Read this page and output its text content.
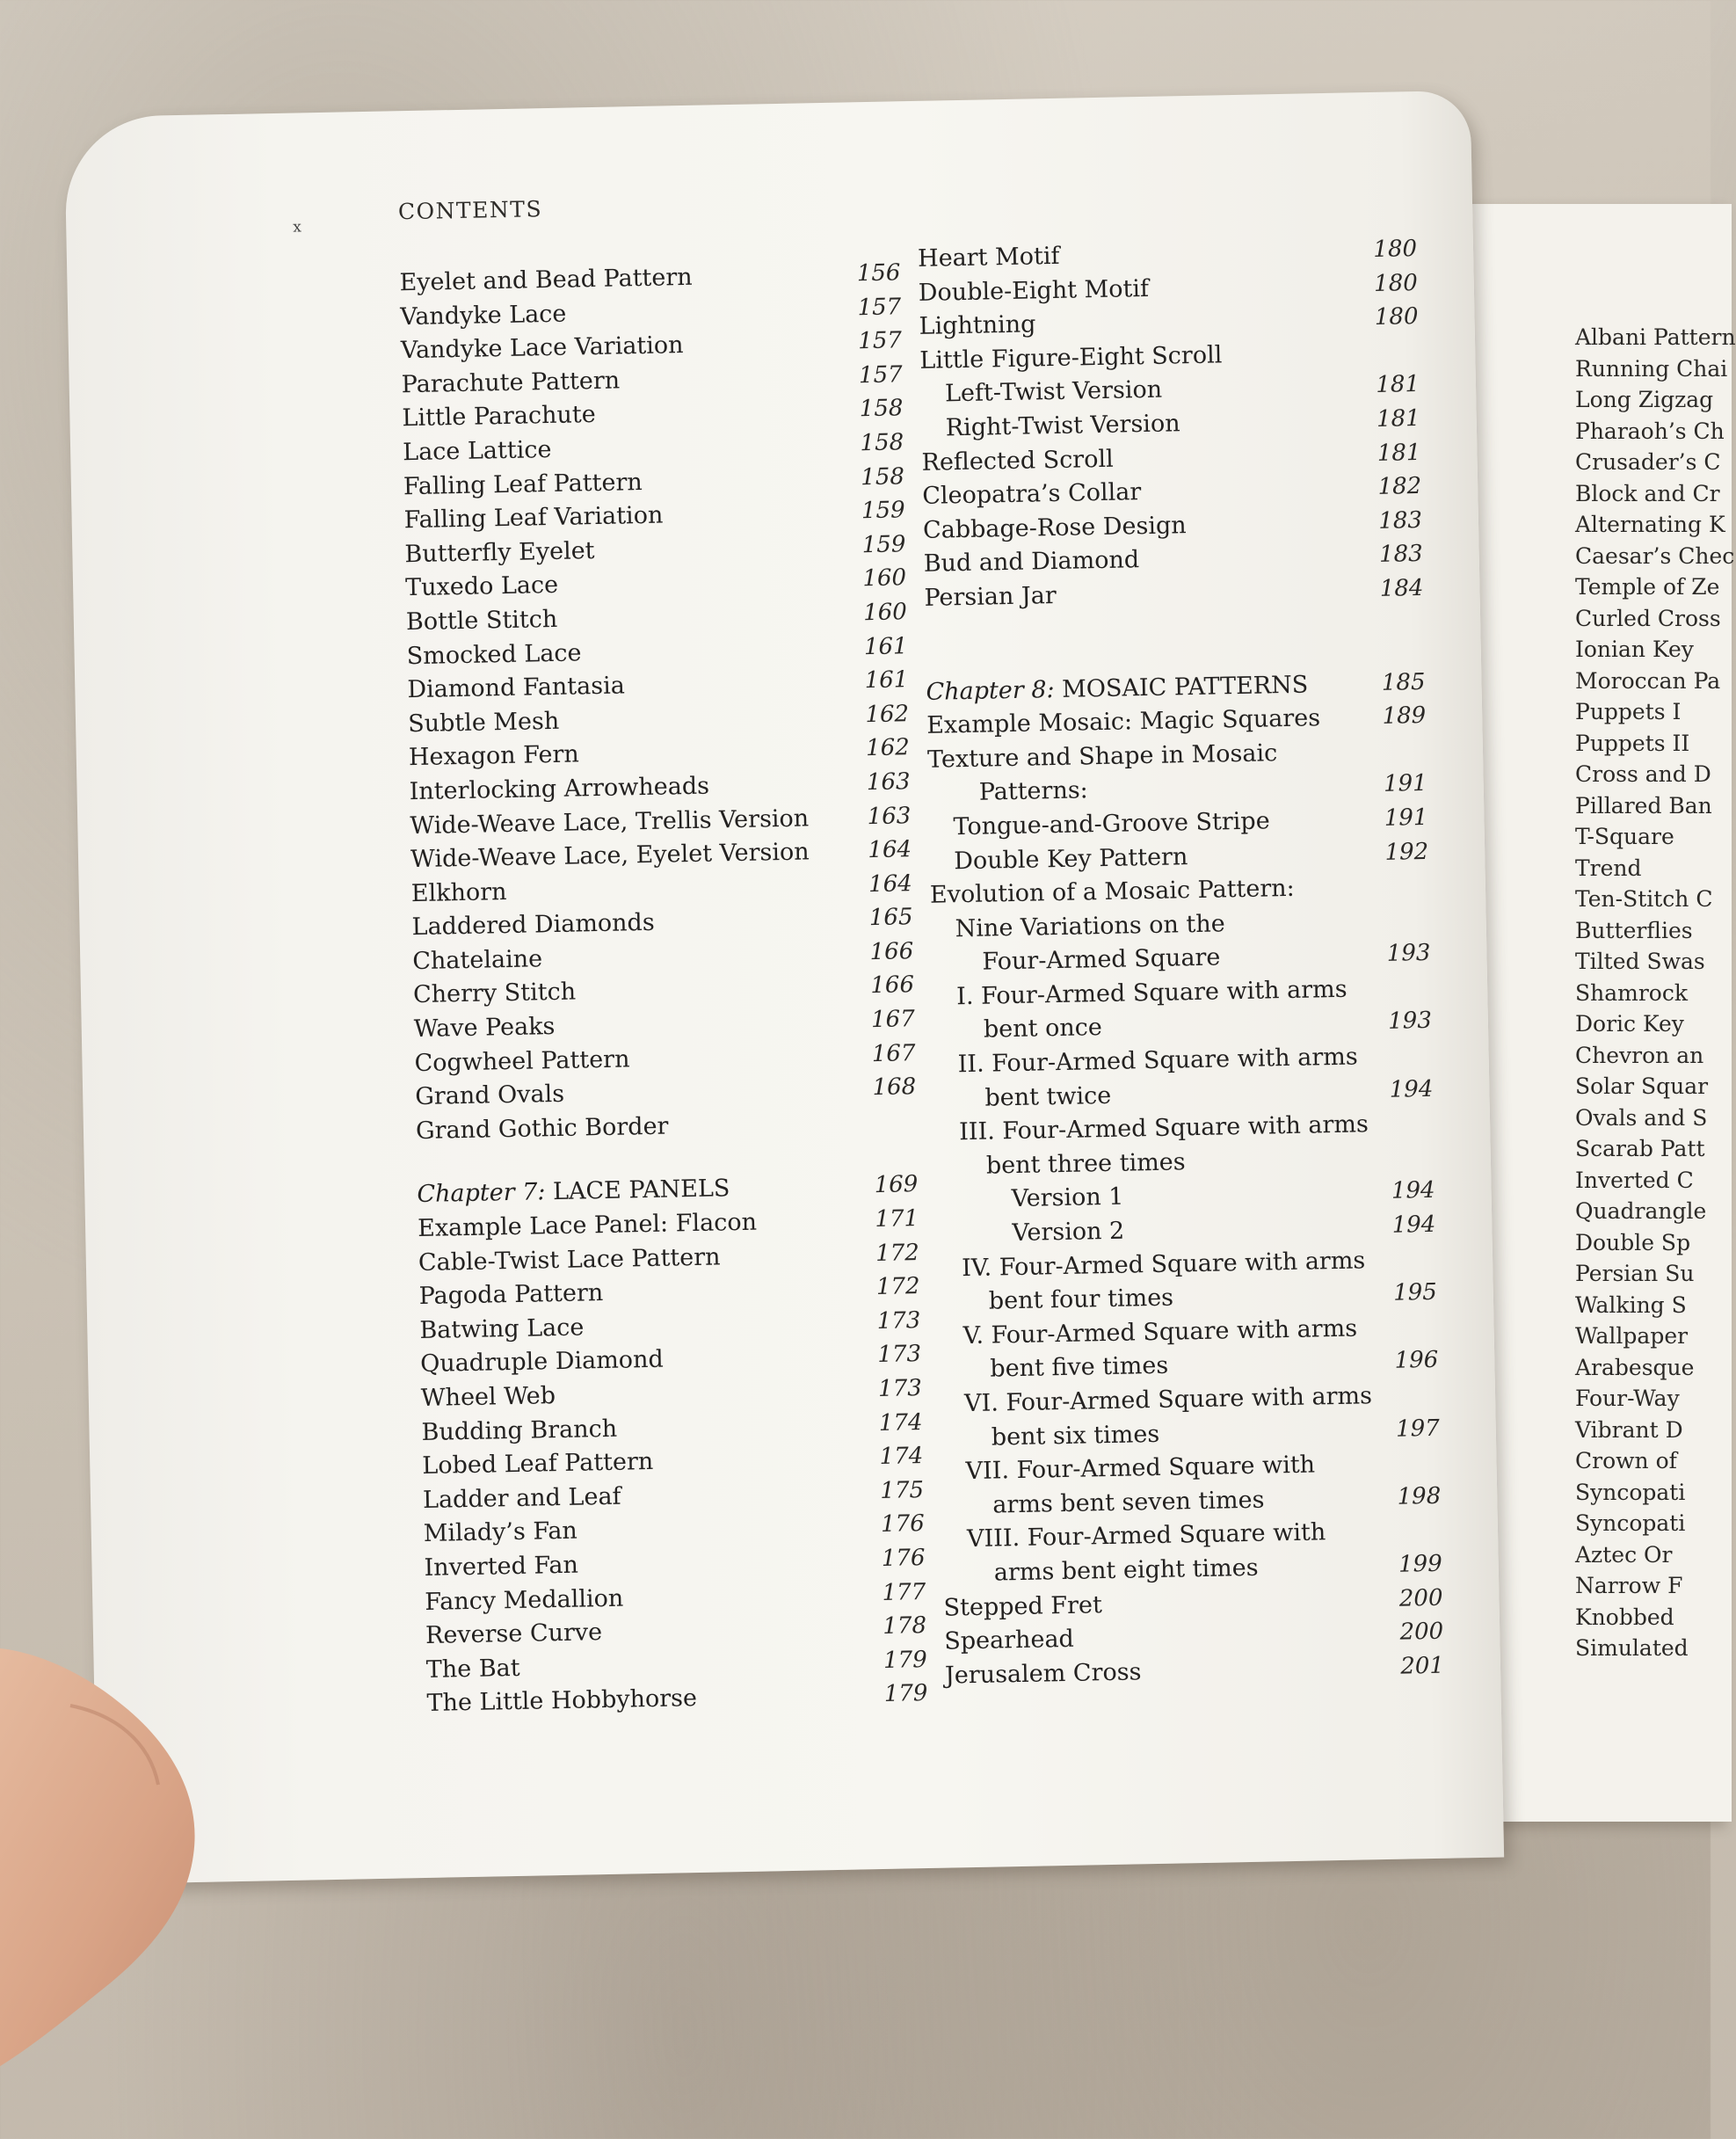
Albani Pattern
Running Chai
Long Zigzag
Pharaoh’s Ch
Crusader’s C
Block and Cr
Alternating K
Caesar’s Chec
Temple of Ze
Curled Cross
Ionian Key
Moroccan Pa
Puppets I
Puppets II
Cross and D
Pillared Ban
T-Square
Trend
Ten-Stitch C
Butterflies
Tilted Swas
Shamrock
Doric Key
Chevron an
Solar Squar
Ovals and S
Scarab Patt
Inverted C
Quadrangle
Double Sp
Persian Su
Walking S
Wallpaper
Arabesque
Four-Way
Vibrant D
Crown of
Syncopati
Syncopati
Aztec Or
Narrow F
Knobbed
Simulated
x
CONTENTS
Eyelet and Bead Pattern	156
Vandyke Lace	157
Vandyke Lace Variation	157
Parachute Pattern	157
Little Parachute	158
Lace Lattice	158
Falling Leaf Pattern	158
Falling Leaf Variation	159
Butterfly Eyelet	159
Tuxedo Lace	160
Bottle Stitch	160
Smocked Lace	161
Diamond Fantasia	161
Subtle Mesh	162
Hexagon Fern	162
Interlocking Arrowheads	163
Wide-Weave Lace, Trellis Version	163
Wide-Weave Lace, Eyelet Version	164
Elkhorn	164
Laddered Diamonds	165
Chatelaine	166
Cherry Stitch	166
Wave Peaks	167
Cogwheel Pattern	167
Grand Ovals	168
Grand Gothic Border
Chapter 7: LACE PANELS	169
Example Lace Panel: Flacon	171
Cable-Twist Lace Pattern	172
Pagoda Pattern	172
Batwing Lace	173
Quadruple Diamond	173
Wheel Web	173
Budding Branch	174
Lobed Leaf Pattern	174
Ladder and Leaf	175
Milady’s Fan	176
Inverted Fan	176
Fancy Medallion	177
Reverse Curve	178
The Bat	179
The Little Hobbyhorse	179
Heart Motif	180
Double-Eight Motif	180
Lightning	180
Little Figure-Eight Scroll
Left-Twist Version	181
Right-Twist Version	181
Reflected Scroll	181
Cleopatra’s Collar	182
Cabbage-Rose Design	183
Bud and Diamond	183
Persian Jar	184
Chapter 8: MOSAIC PATTERNS	185
Example Mosaic: Magic Squares	189
Texture and Shape in Mosaic
Patterns:	191
Tongue-and-Groove Stripe	191
Double Key Pattern	192
Evolution of a Mosaic Pattern:
Nine Variations on the
Four-Armed Square	193
I. Four-Armed Square with arms
bent once	193
II. Four-Armed Square with arms
bent twice	194
III. Four-Armed Square with arms
bent three times
Version 1	194
Version 2	194
IV. Four-Armed Square with arms
bent four times	195
V. Four-Armed Square with arms
bent five times	196
VI. Four-Armed Square with arms
bent six times	197
VII. Four-Armed Square with
arms bent seven times	198
VIII. Four-Armed Square with
arms bent eight times	199
Stepped Fret	200
Spearhead	200
Jerusalem Cross	201
